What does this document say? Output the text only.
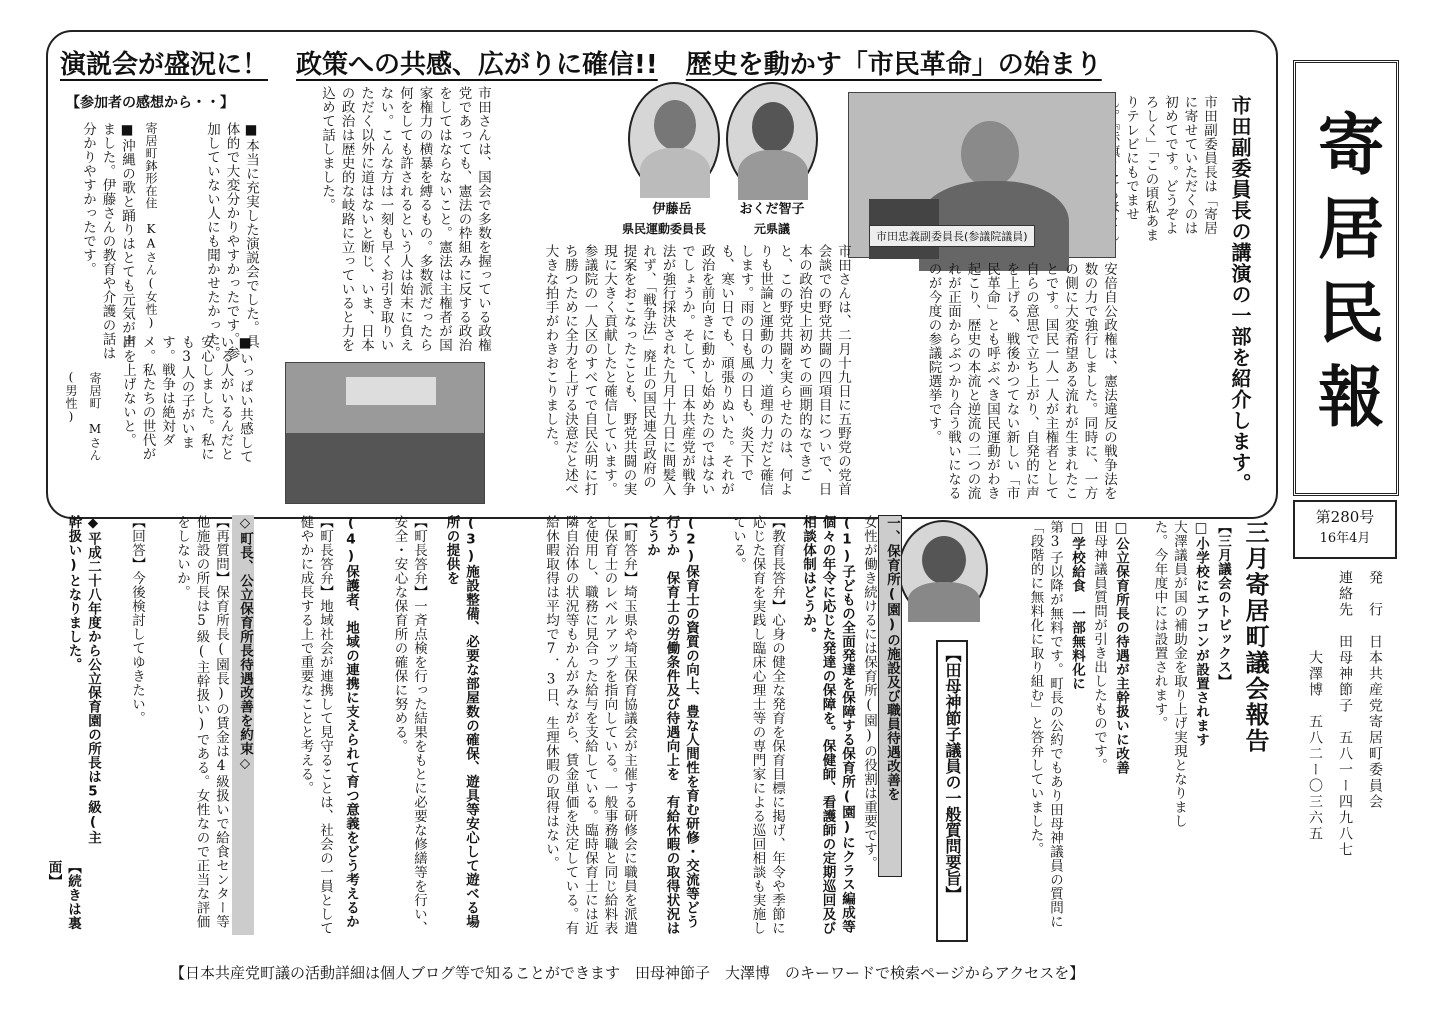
演説会が盛況に！ 政策への共感、広がりに確信!! 歴史を動かす「市民革命」の始まり
市田副委員長の講演の一部を紹介します。
市田副委員長は「寄居に寄せていただくのは初めてです。どうぞよろしく」「この頃私あまりテレビにもでませ
市田忠義副委員長(参議院議員)
安倍自公政権は、憲法違反の戦争法を数の力で強行しました。同時に、一方の側に大変希望ある流れが生まれたことです。国民一人一人が主権者として自らの意思で立ち上がり、自発的に声を上げる、戦後かつてない新しい「市民革命」とも呼ぶべき国民運動がわき起こり、歴史の本流と逆流の二つの流れが正面からぶつかり合う戦いになるのが今度の参議院選挙です。
おくだ智子
元県議
伊藤岳
県民運動委員長
市田さんは、二月十九日に五野党の党首会談での野党共闘の四項目についで、日本の政治史上初めての画期的なできごと、この野党共闘を実らせたのは、何よりも世論と運動の力、道理の力だと確信します。雨の日も風の日も、炎天下でも、寒い日でも、頑張りぬいた。それが政治を前向きに動かし始めたのではないでしょうか。そして、日本共産党が戦争法が強行採決された九月十九日に間髪入れず、「戦争法」廃止の国民連合政府の提案をおこなったことも、野党共闘の実現に大きく貢献したと確信しています。参議院の一人区のすべてで自民公明に打ち勝つために全力を上げる決意だと述べ大きな拍手がわきおこりました。
市田さんは、国会で多数を握っている政権党であっても、憲法の枠組みに反する政治をしてはならないこと。憲法は主権者が国家権力の横暴を縛るもの。多数派だったら何をしても許されるという人は始末に負えない。こんな方は一刻も早くお引き取りいただく以外に道はないと断じ、いま、日本の政治は歴史的な岐路に立っていると力を込めて話しました。
【参加者の感想から・・】
■本当に充実した演説会でした。具体的で大変分かりやすかったです。参加していない人にも聞かせたかった。
寄居町鉢形在住　KAさん(女性)
■沖縄の歌と踊りはとても元気が出ました。伊藤さんの教育や介護の話は分かりやすかったです。
(男性)	■いっぱい共感している人がいるんだと安心しました。私にも3人の子がいます。戦争は絶対ダメ。私たちの世代が声を上げないと。
寄居町　Mさん	寄居民報
第280号
16年4月
発　行　日本共産党寄居町委員会
連絡先　田母神節子　五八一ー四九八七
大澤博　五八二ー〇三六五
三月寄居町議会報告
【三月議会のトピックス】
□小学校にエアコンが設置されます
大澤議員が国の補助金を取り上げ実現となりました。今年度中には設置されます。
□公立保育所長の待遇が主幹扱いに改善
田母神議員質問が引き出したものです。
□学校給食　一部無料化に
第3子以降が無料です。町長の公約でもあり田母神議員の質問に「段階的に無料化に取り組む」と答弁していました。
【田母神節子議員の一般質問要旨】
一、保育所(園)の施設及び職員待遇改善を
女性が働き続けるには保育所(園)の役割は重要です。
(1)子どもの全面発達を保障する保育所(園)にクラス編成等個々の年令に応じた発達の保障を。保健師、看護師の定期巡回及び相談体制はどうか。
【教育長答弁】心身の健全な発育を保育目標に掲げ、年令や季節に応じた保育を実践し臨床心理士等の専門家による巡回相談も実施している。
(2)保育士の資質の向上、豊な人間性を育む研修・交流等どう行うか　保育士の労働条件及び待遇向上を　有給休暇の取得状況はどうか
【町答弁】埼玉県や埼玉保育協議会が主催する研修会に職員を派遣し保育士のレベルアップを指向している。一般事務職と同じ給料表を使用し、職務に見合った給与を支給している。臨時保育士には近隣自治体の状況等もかんがみながら、賃金単価を決定している。有給休暇取得は平均で7．3日、生理休暇の取得はない。
(3)施設整備、必要な部屋数の確保、遊具等安心して遊べる場所の提供を
【町長答弁】一斉点検を行った結果をもとに必要な修繕等を行い、安全・安心な保育所の確保に努める。
(4)保護者、地域の連携に支えられて育つ意義をどう考えるか
【町長答弁】地域社会が連携して見守ることは、社会の一員として健やかに成長する上で重要なことと考える。
◇町長、公立保育所長待遇改善を約束◇
【再質問】保育所長(園長)の賃金は4級扱いで給食センター等他施設の所長は5級(主幹扱い)である。女性なので正当な評価をしないか。
【回答】今後検討してゆきたい。
◆平成二十八年度から公立保育園の所長は5級(主幹扱い)となりました。
【続きは裏面】
【日本共産党町議の活動詳細は個人ブログ等で知ることができます　田母神節子　大澤博　のキーワードで検索ページからアクセスを】
